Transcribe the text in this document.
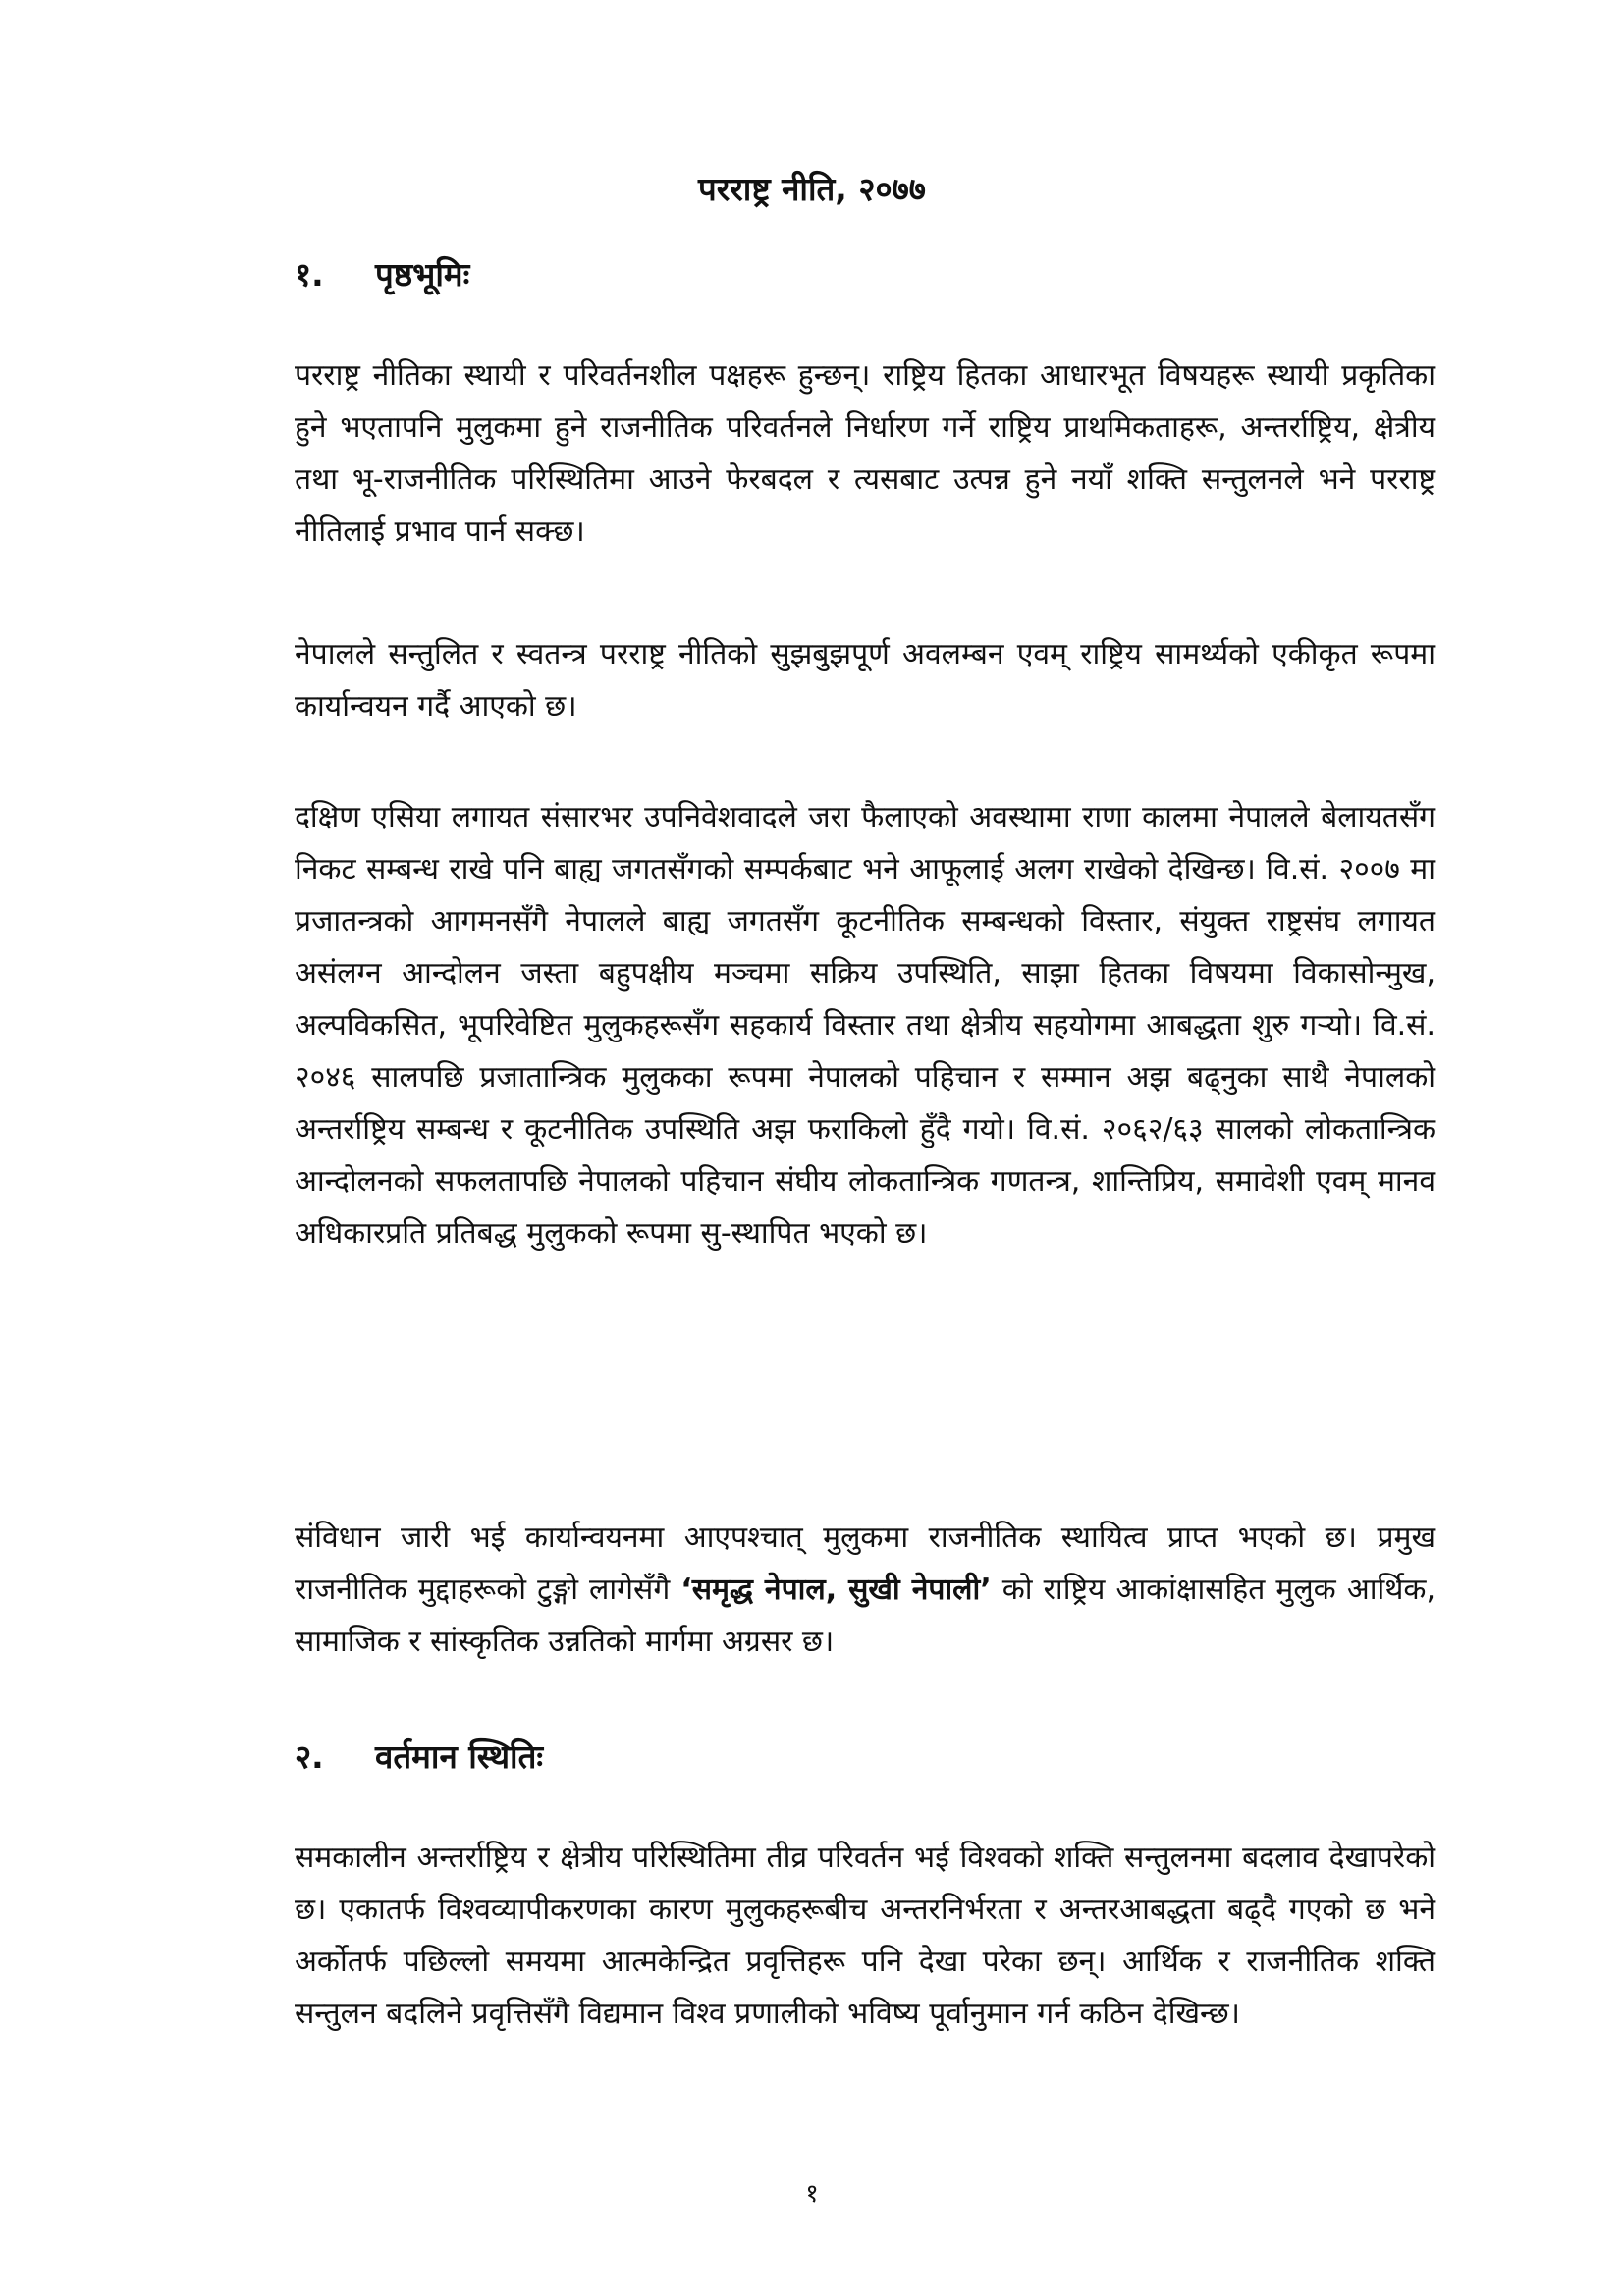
परराष्ट्र नीति, २०७७
१. पृष्ठभूमिः
परराष्ट्र नीतिका स्थायी र परिवर्तनशील पक्षहरू हुन्छन्। राष्ट्रिय हितका आधारभूत विषयहरू स्थायी प्रकृतिका हुने भएतापनि मुलुकमा हुने राजनीतिक परिवर्तनले निर्धारण गर्ने राष्ट्रिय प्राथमिकताहरू, अन्तर्राष्ट्रिय, क्षेत्रीय तथा भू-राजनीतिक परिस्थितिमा आउने फेरबदल र त्यसबाट उत्पन्न हुने नयाँ शक्ति सन्तुलनले भने परराष्ट्र नीतिलाई प्रभाव पार्न सक्छ।
नेपालले सन्तुलित र स्वतन्त्र परराष्ट्र नीतिको सुझबुझपूर्ण अवलम्बन एवम् राष्ट्रिय सामर्थ्यको एकीकृत रूपमा कार्यान्वयन गर्दै आएको छ।
दक्षिण एसिया लगायत संसारभर उपनिवेशवादले जरा फैलाएको अवस्थामा राणा कालमा नेपालले बेलायतसँग निकट सम्बन्ध राखे पनि बाह्य जगतसँगको सम्पर्कबाट भने आफूलाई अलग राखेको देखिन्छ। वि.सं. २००७ मा प्रजातन्त्रको आगमनसँगै नेपालले बाह्य जगतसँग कूटनीतिक सम्बन्धको विस्तार, संयुक्त राष्ट्रसंघ लगायत असंलग्न आन्दोलन जस्ता बहुपक्षीय मञ्चमा सक्रिय उपस्थिति, साझा हितका विषयमा विकासोन्मुख, अल्पविकसित, भूपरिवेष्टित मुलुकहरूसँग सहकार्य विस्तार तथा क्षेत्रीय सहयोगमा आबद्धता शुरु गर्‍यो। वि.सं. २०४६ सालपछि प्रजातान्त्रिक मुलुकका रूपमा नेपालको पहिचान र सम्मान अझ बढ्नुका साथै नेपालको अन्तर्राष्ट्रिय सम्बन्ध र कूटनीतिक उपस्थिति अझ फराकिलो हुँदै गयो। वि.सं. २०६२/६३ सालको लोकतान्त्रिक आन्दोलनको सफलतापछि नेपालको पहिचान संघीय लोकतान्त्रिक गणतन्त्र, शान्तिप्रिय, समावेशी एवम् मानव अधिकारप्रति प्रतिबद्ध मुलुकको रूपमा सु-स्थापित भएको छ।
संविधान जारी भई कार्यान्वयनमा आएपश्चात् मुलुकमा राजनीतिक स्थायित्व प्राप्त भएको छ। प्रमुख राजनीतिक मुद्दाहरूको टुङ्गो लागेसँगै ‘समृद्ध नेपाल, सुखी नेपाली’ को राष्ट्रिय आकांक्षासहित मुलुक आर्थिक, सामाजिक र सांस्कृतिक उन्नतिको मार्गमा अग्रसर छ।
२. वर्तमान स्थितिः
समकालीन अन्तर्राष्ट्रिय र क्षेत्रीय परिस्थितिमा तीव्र परिवर्तन भई विश्वको शक्ति सन्तुलनमा बदलाव देखापरेको छ। एकातर्फ विश्वव्यापीकरणका कारण मुलुकहरूबीच अन्तरनिर्भरता र अन्तरआबद्धता बढ्दै गएको छ भने अर्कोतर्फ पछिल्लो समयमा आत्मकेन्द्रित प्रवृत्तिहरू पनि देखा परेका छन्। आर्थिक र राजनीतिक शक्ति सन्तुलन बदलिने प्रवृत्तिसँगै विद्यमान विश्व प्रणालीको भविष्य पूर्वानुमान गर्न कठिन देखिन्छ।
१
